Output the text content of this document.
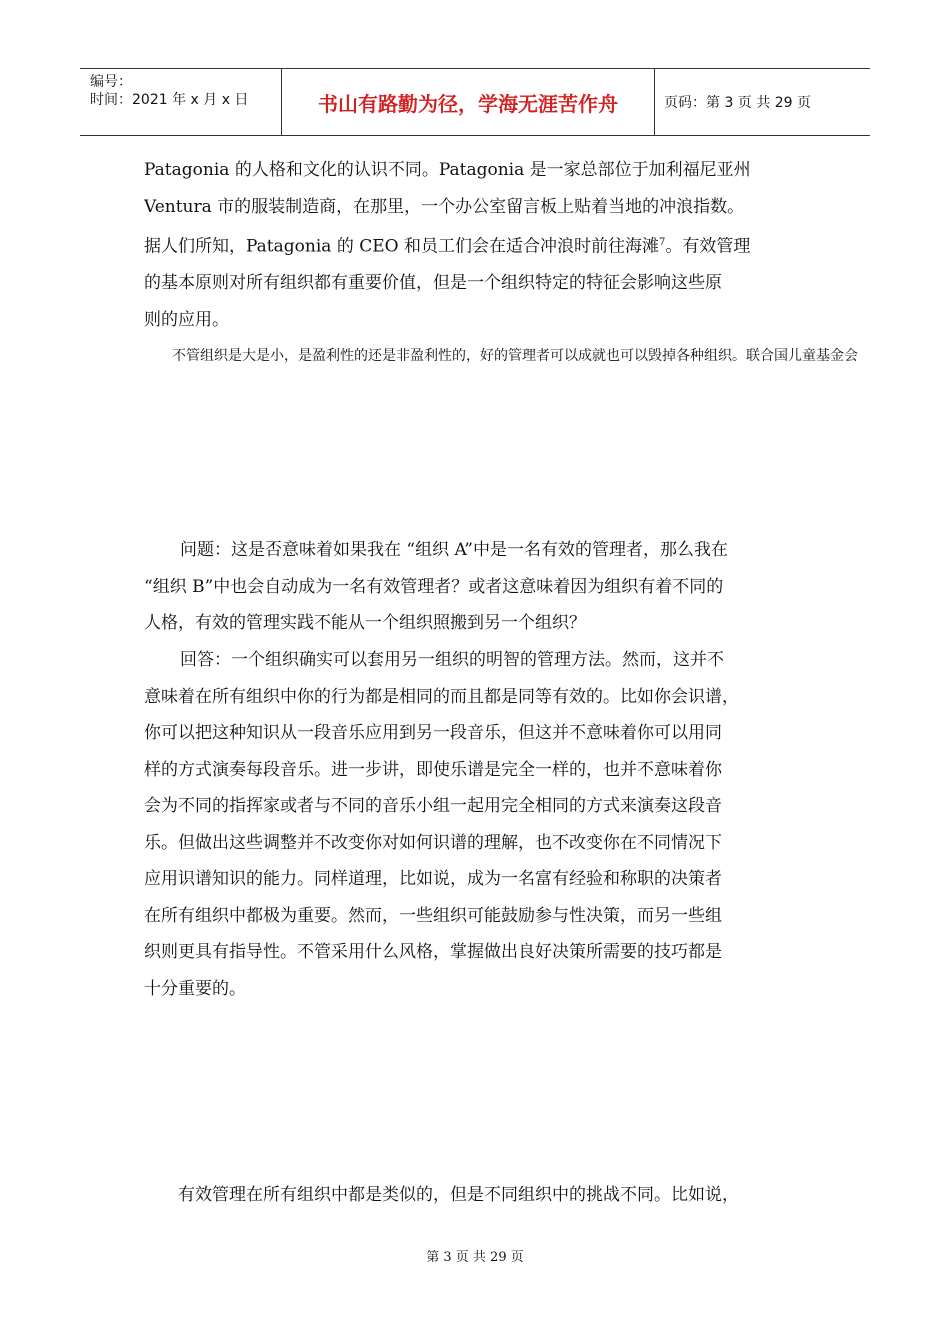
编号：
时间：2021 年 x 月 x 日	书山有路勤为径，学海无涯苦作舟	页码：第 3 页 共 29 页
Patagonia 的人格和文化的认识不同。Patagonia 是一家总部位于加利福尼亚州
Ventura 市的服装制造商，在那里，一个办公室留言板上贴着当地的冲浪指数。
据人们所知，Patagonia 的 CEO 和员工们会在适合冲浪时前往海滩$^7$。有效管理
的基本原则对所有组织都有重要价值，但是一个组织特定的特征会影响这些原
则的应用。
不管组织是大是小，是盈利性的还是非盈利性的，好的管理者可以成就也可以毁掉各种组织。联合国儿童基金会
问题：这是否意味着如果我在 “组织 A”中是一名有效的管理者，那么我在
“组织 B”中也会自动成为一名有效管理者？或者这意味着因为组织有着不同的
人格，有效的管理实践不能从一个组织照搬到另一个组织？
回答：一个组织确实可以套用另一组织的明智的管理方法。然而，这并不
意味着在所有组织中你的行为都是相同的而且都是同等有效的。比如你会识谱，
你可以把这种知识从一段音乐应用到另一段音乐，但这并不意味着你可以用同
样的方式演奏每段音乐。进一步讲，即使乐谱是完全一样的，也并不意味着你
会为不同的指挥家或者与不同的音乐小组一起用完全相同的方式来演奏这段音
乐。但做出这些调整并不改变你对如何识谱的理解，也不改变你在不同情况下
应用识谱知识的能力。同样道理，比如说，成为一名富有经验和称职的决策者
在所有组织中都极为重要。然而，一些组织可能鼓励参与性决策，而另一些组
织则更具有指导性。不管采用什么风格，掌握做出良好决策所需要的技巧都是
十分重要的。
有效管理在所有组织中都是类似的，但是不同组织中的挑战不同。比如说，
第 3 页 共 29 页
